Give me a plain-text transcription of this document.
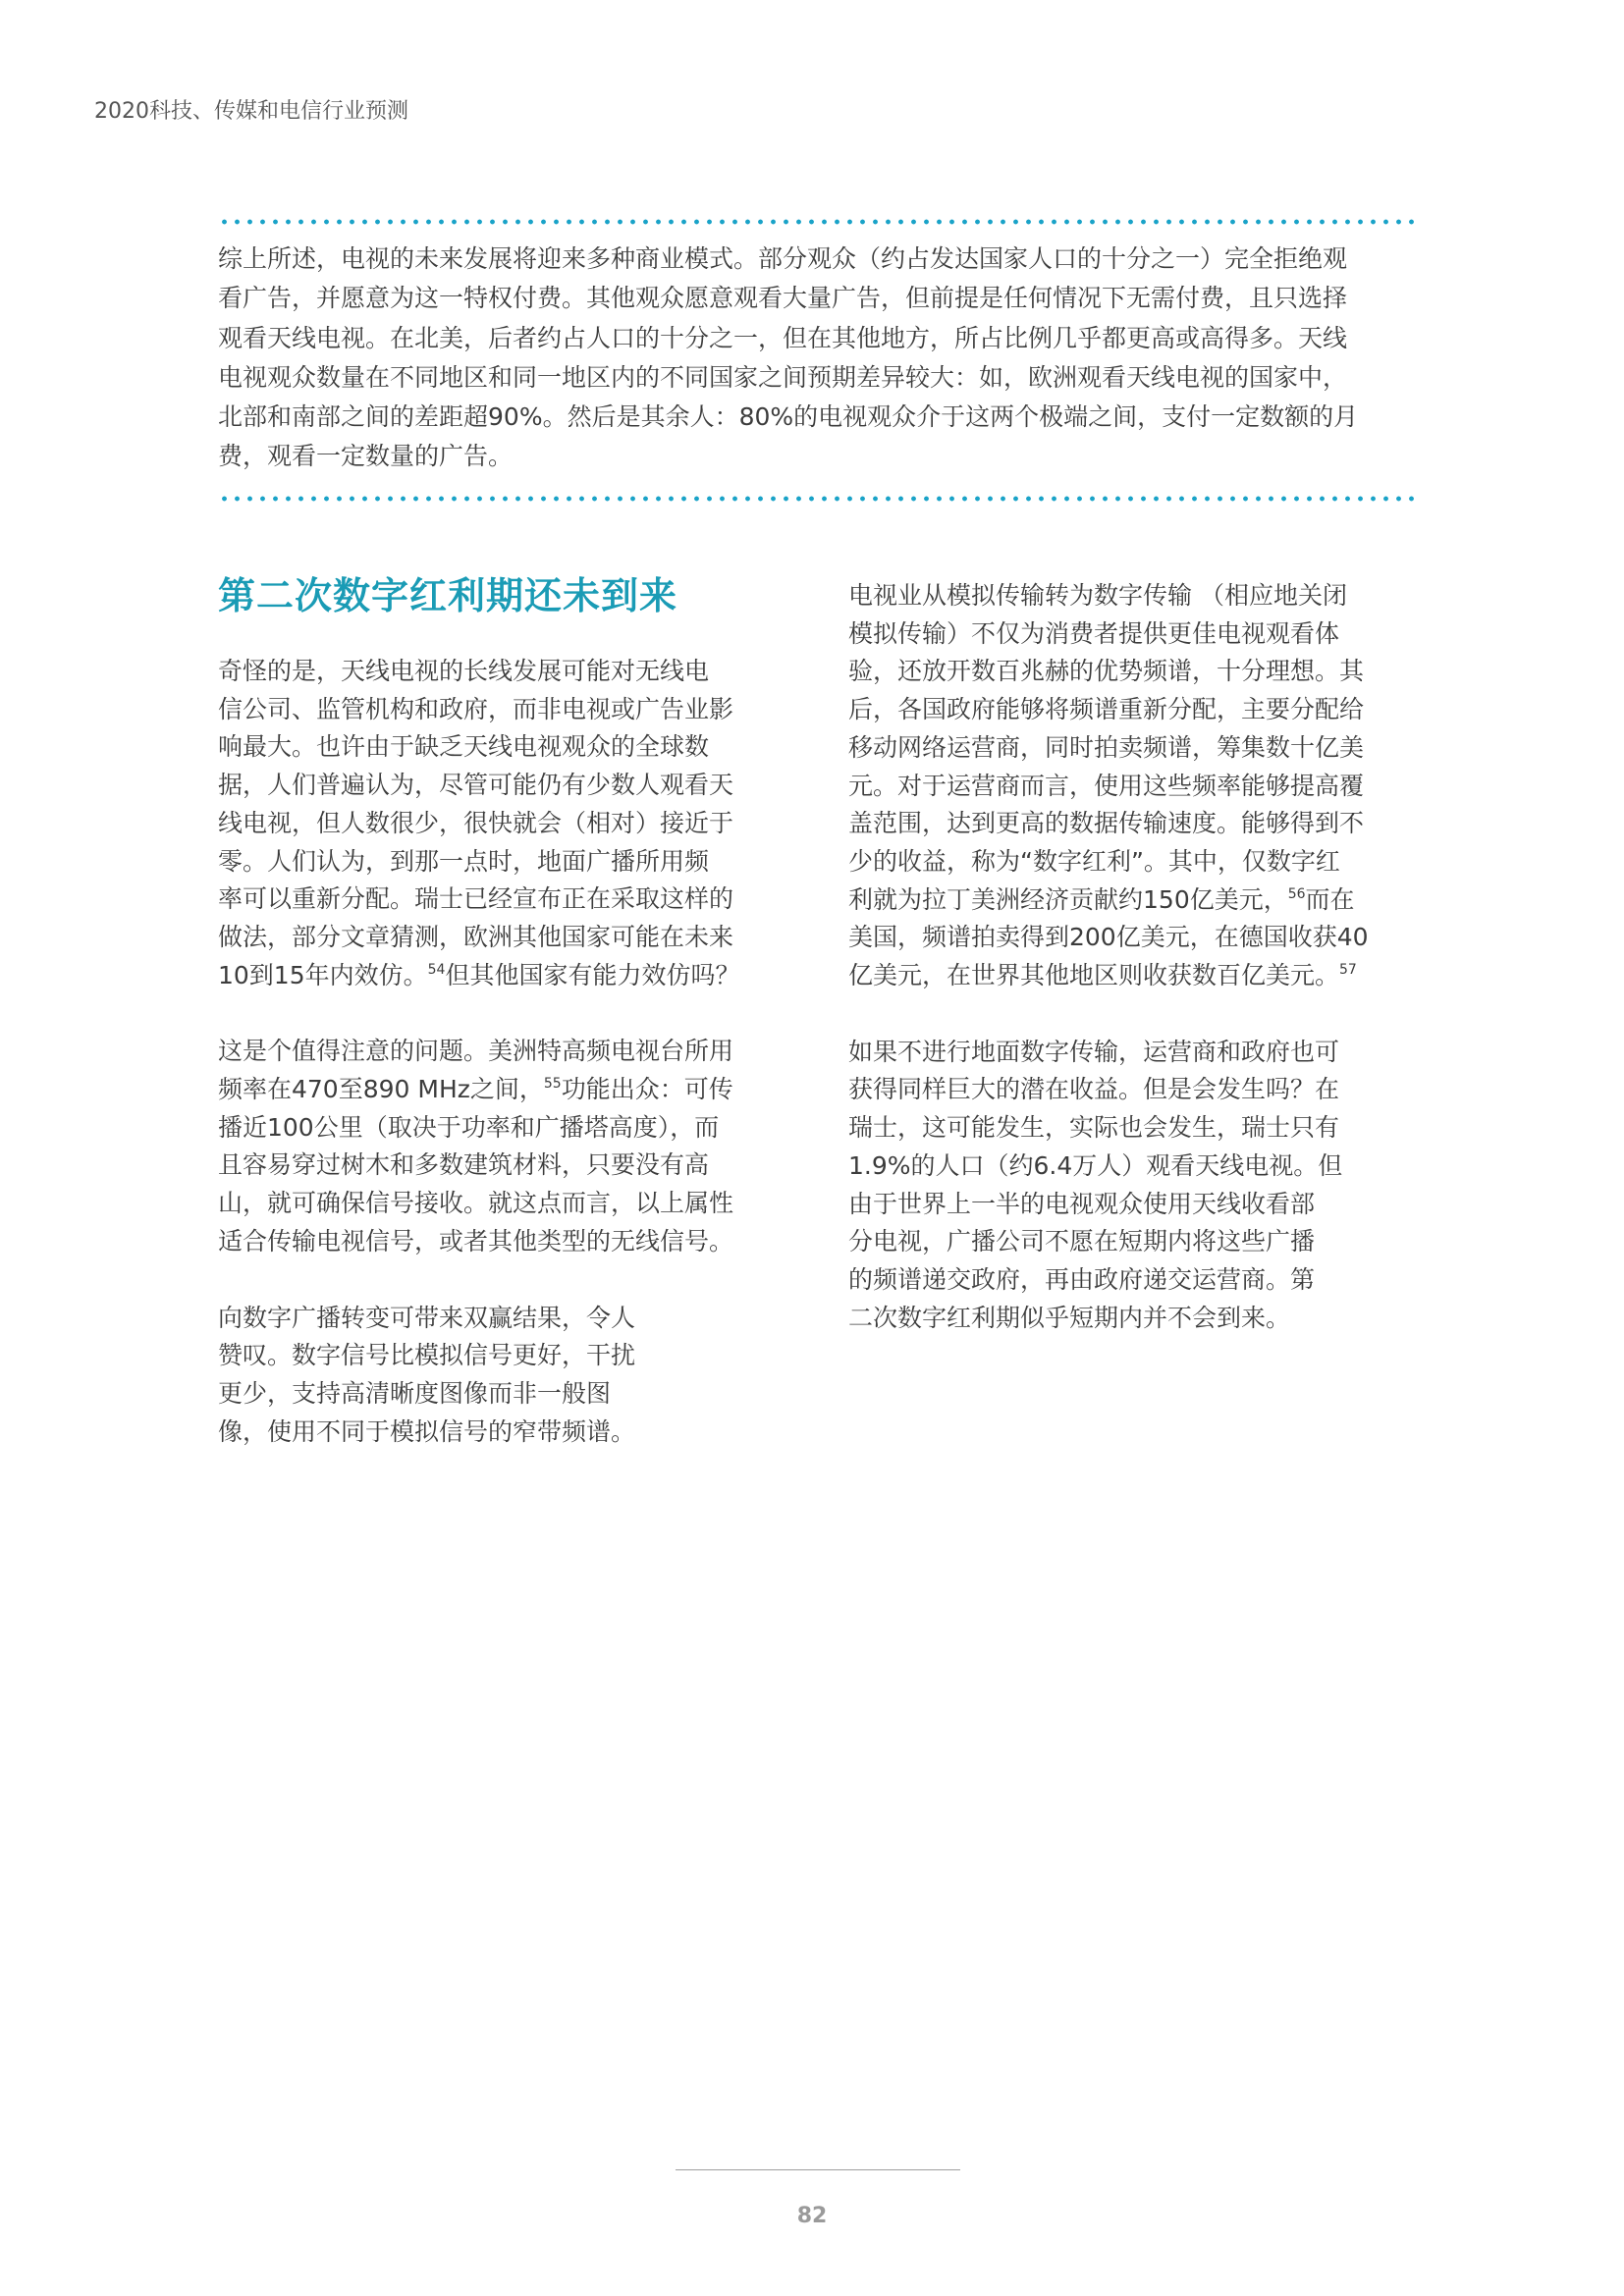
2020科技、传媒和电信行业预测
综上所述，电视的未来发展将迎来多种商业模式。部分观众（约占发达国家人口的十分之一）完全拒绝观
看广告，并愿意为这一特权付费。其他观众愿意观看大量广告，但前提是任何情况下无需付费，且只选择
观看天线电视。在北美，后者约占人口的十分之一，但在其他地方，所占比例几乎都更高或高得多。天线
电视观众数量在不同地区和同一地区内的不同国家之间预期差异较大：如，欧洲观看天线电视的国家中，
北部和南部之间的差距超90%。然后是其余人：80%的电视观众介于这两个极端之间，支付一定数额的月
费，观看一定数量的广告。
第二次数字红利期还未到来

奇怪的是，天线电视的长线发展可能对无线电
信公司、监管机构和政府，而非电视或广告业影
响最大。也许由于缺乏天线电视观众的全球数
据，人们普遍认为，尽管可能仍有少数人观看天
线电视，但人数很少，很快就会（相对）接近于
零。人们认为，到那一点时，地面广播所用频
率可以重新分配。瑞士已经宣布正在采取这样的
做法，部分文章猜测，欧洲其他国家可能在未来
10到15年内效仿。$^{54}$但其他国家有能力效仿吗？

这是个值得注意的问题。美洲特高频电视台所用
频率在470至890 MHz之间，$^{55}$功能出众：可传
播近100公里（取决于功率和广播塔高度），而
且容易穿过树木和多数建筑材料，只要没有高
山，就可确保信号接收。就这点而言，以上属性
适合传输电视信号，或者其他类型的无线信号。

向数字广播转变可带来双赢结果，令人
赞叹。数字信号比模拟信号更好，干扰
更少，支持高清晰度图像而非一般图
像，使用不同于模拟信号的窄带频谱。

电视业从模拟传输转为数字传输 （相应地关闭
模拟传输）不仅为消费者提供更佳电视观看体
验，还放开数百兆赫的优势频谱，十分理想。其
后，各国政府能够将频谱重新分配，主要分配给
移动网络运营商，同时拍卖频谱，筹集数十亿美
元。对于运营商而言，使用这些频率能够提高覆
盖范围，达到更高的数据传输速度。能够得到不
少的收益，称为“数字红利”。其中，仅数字红
利就为拉丁美洲经济贡献约150亿美元，$^{56}$而在
美国，频谱拍卖得到200亿美元，在德国收获40
亿美元，在世界其他地区则收获数百亿美元。$^{57}$

如果不进行地面数字传输，运营商和政府也可
获得同样巨大的潜在收益。但是会发生吗？在
瑞士，这可能发生，实际也会发生，瑞士只有
1.9%的人口（约6.4万人）观看天线电视。但
由于世界上一半的电视观众使用天线收看部
分电视，广播公司不愿在短期内将这些广播
的频谱递交政府，再由政府递交运营商。第
二次数字红利期似乎短期内并不会到来。

82
